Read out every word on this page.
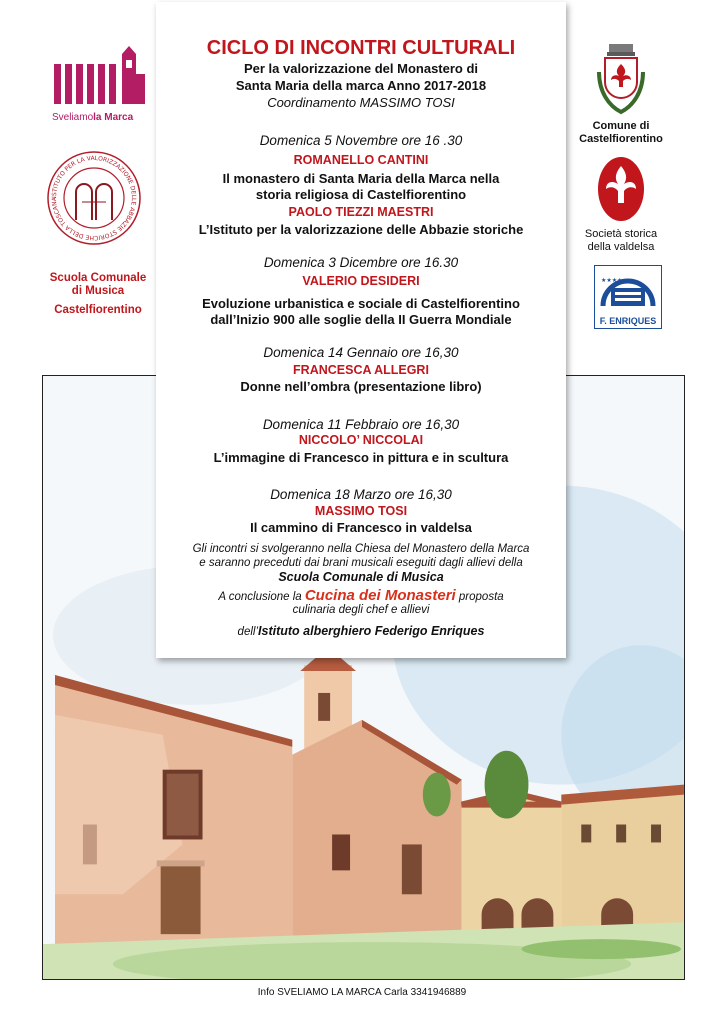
CICLO DI INCONTRI CULTURALI
Per la valorizzazione del Monastero di
Santa Maria della marca Anno 2017-2018
Coordinamento MASSIMO TOSI
Domenica 5 Novembre ore 16 .30
ROMANELLO CANTINI
Il monastero di Santa Maria della Marca nella
storia religiosa di Castelfiorentino
PAOLO TIEZZI MAESTRI
L’Istituto per la valorizzazione delle Abbazie storiche
Domenica 3 Dicembre ore 16.30
VALERIO DESIDERI
Evoluzione urbanistica e sociale di Castelfiorentino
dall’Inizio 900 alle soglie della II Guerra Mondiale
Domenica 14 Gennaio ore 16,30
FRANCESCA ALLEGRI
Donne nell’ombra (presentazione libro)
Domenica 11 Febbraio ore 16,30
NICCOLO’ NICCOLAI
L’immagine di Francesco in pittura e in scultura
Domenica 18 Marzo ore 16,30
MASSIMO TOSI
Il cammino di Francesco in valdelsa
Gli incontri si svolgeranno nella Chiesa del Monastero della Marca
e saranno preceduti dai brani musicali eseguiti dagli allievi della
Scuola Comunale di Musica
A conclusione la Cucina dei Monasteri proposta
culinaria degli chef e allievi
dell’Istituto alberghiero Federigo Enriques
Sveliamola Marca
ISTITUTO PER LA VALORIZZAZIONE DELLE ABBAZIE STORICHE DELLA TOSCANA
Scuola Comunale
di Musica
Castelfiorentino
Comune di
Castelfiorentino
Società storica
della valdelsa
★★★★
F. ENRIQUES
Info SVELIAMO LA MARCA Carla 3341946889
